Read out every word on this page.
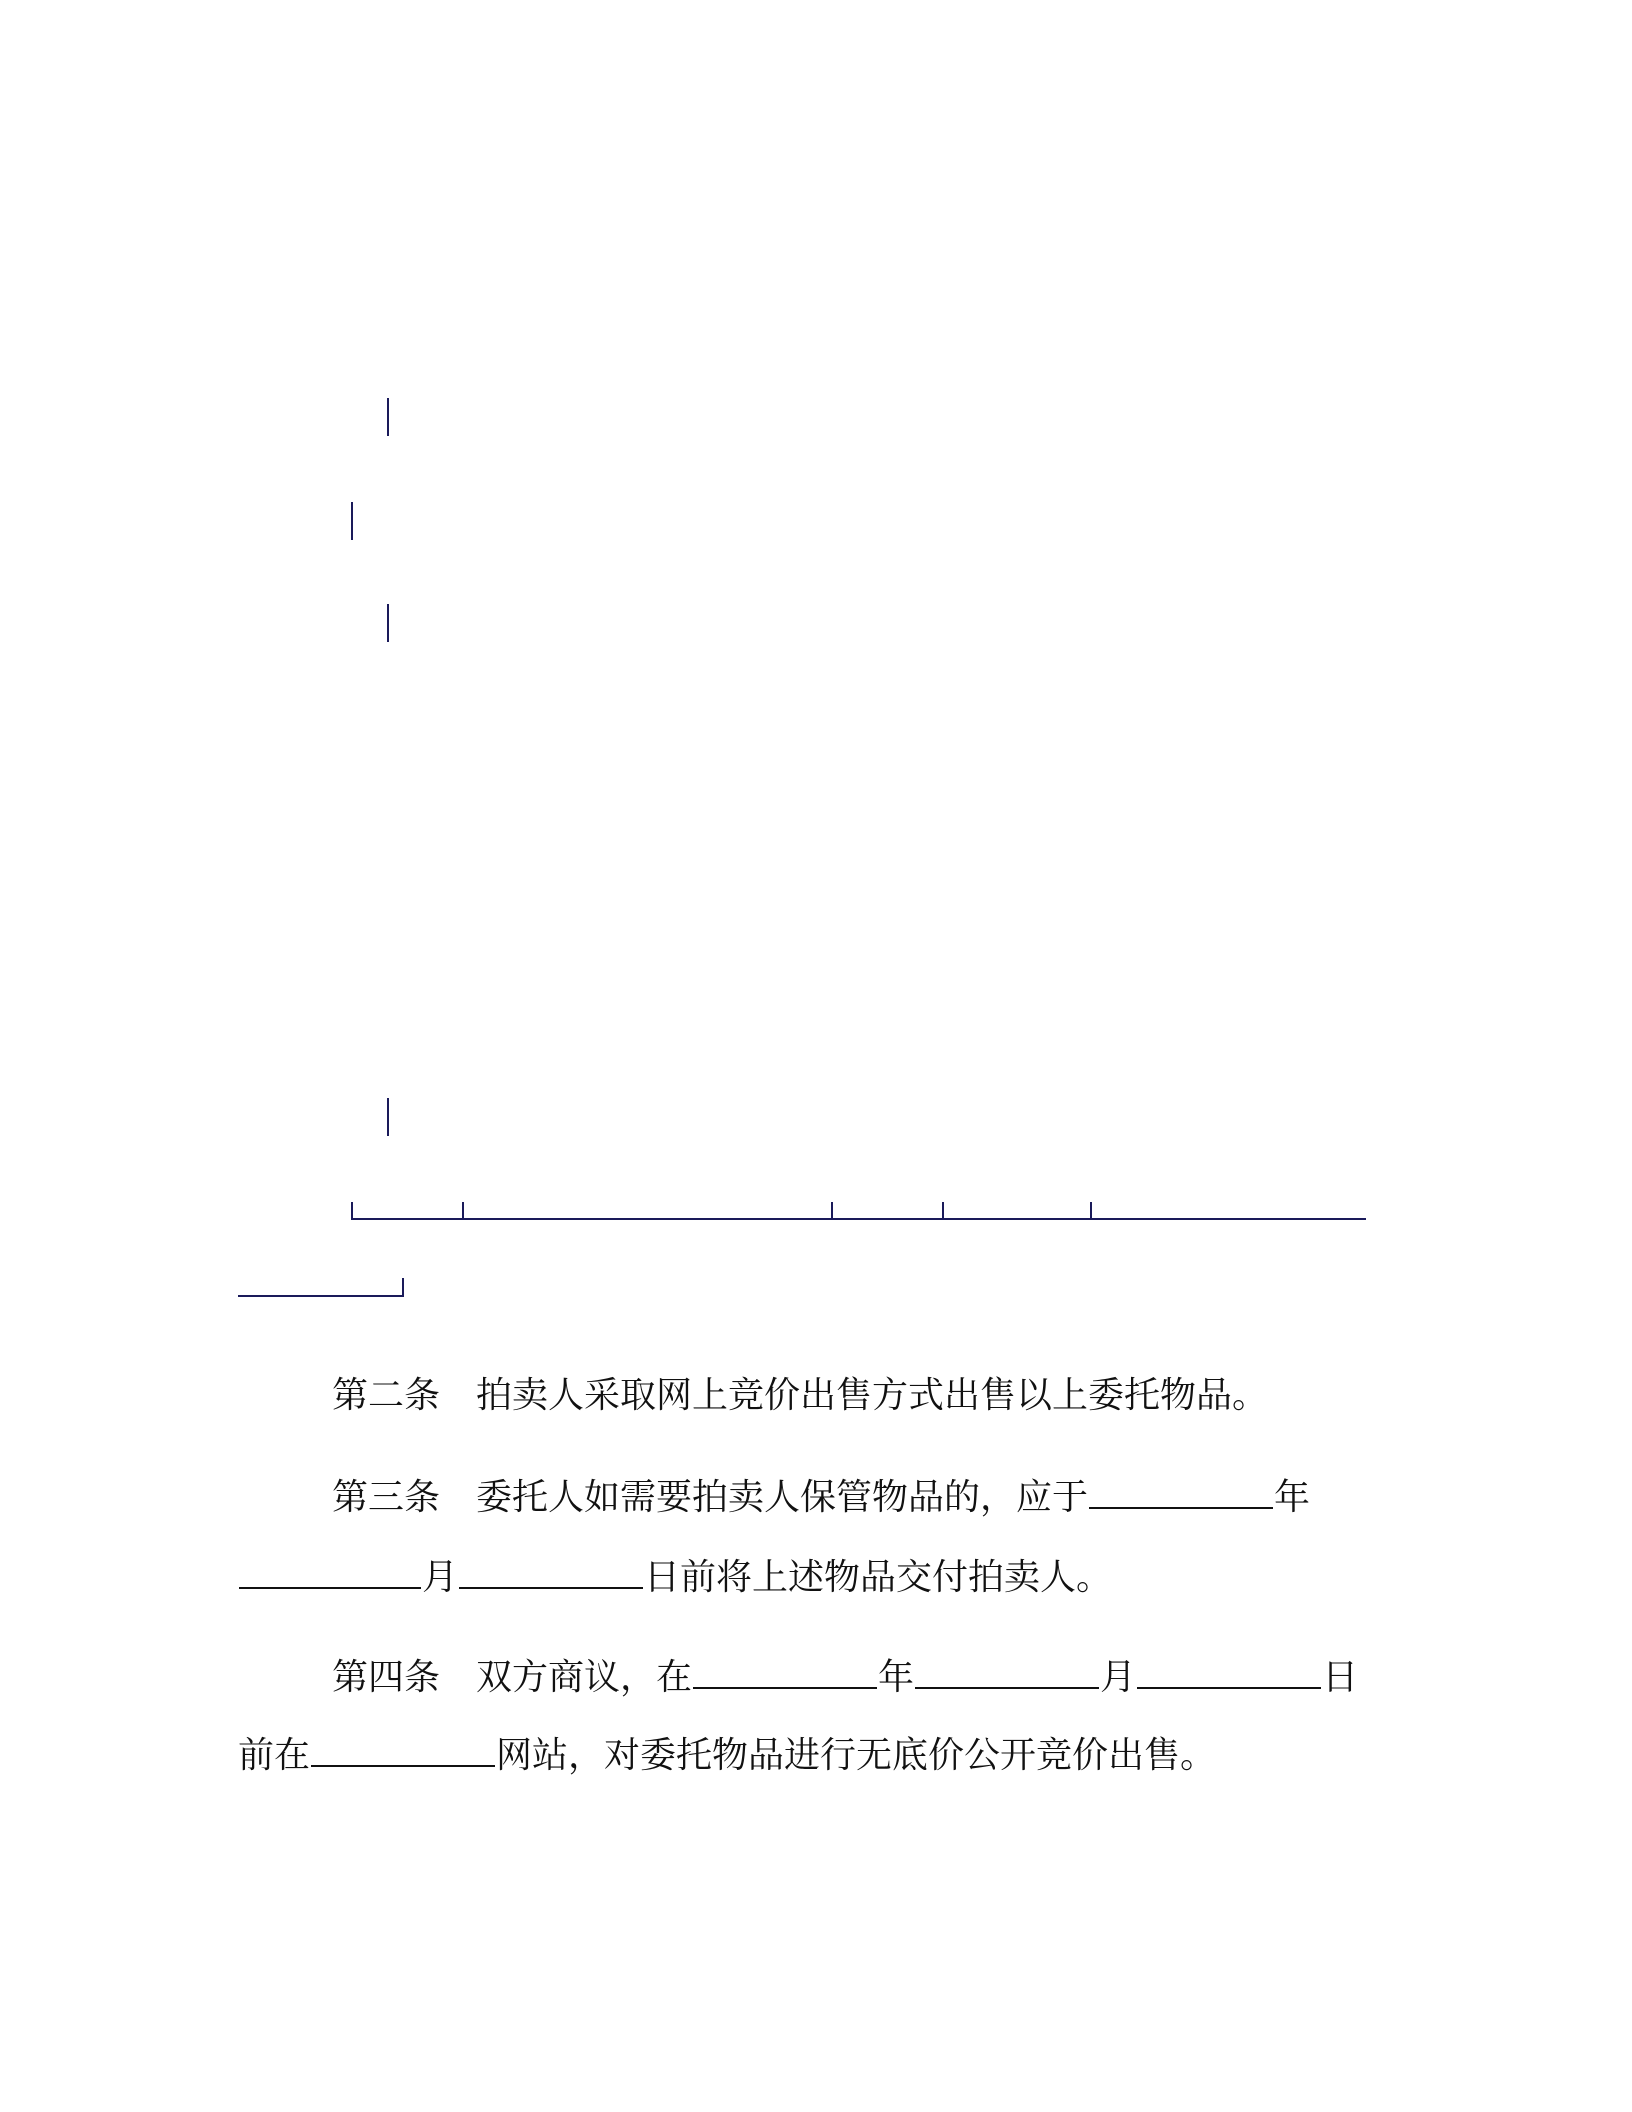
第二条 拍卖人采取网上竞价出售方式出售以上委托物品。
第三条 委托人如需要拍卖人保管物品的，应于	年
月	日前将上述物品交付拍卖人。
第四条 双方商议，在	年	月	日
前在	网站，对委托物品进行无底价公开竞价出售。
